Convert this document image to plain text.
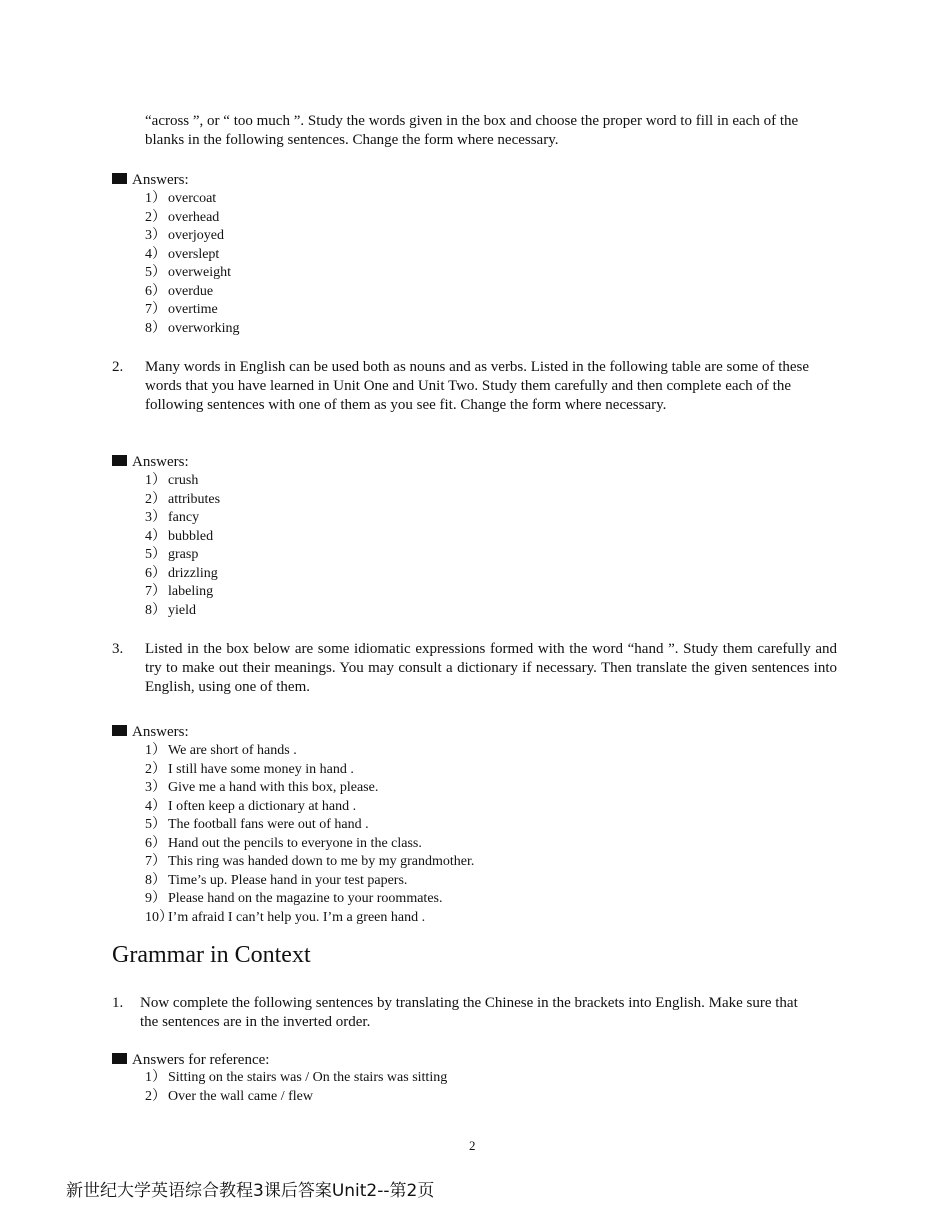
“across ”, or “ too much ”. Study the words given in the box and choose the proper word to fill in each of the blanks in the following sentences. Change the form where necessary.
Answers:
1） overcoat
2） overhead
3） overjoyed
4） overslept
5） overweight
6） overdue
7） overtime
8） overworking
2. Many words in English can be used both as nouns and as verbs. Listed in the following table are some of these words that you have learned in Unit One and Unit Two. Study them carefully and then complete each of the following sentences with one of them as you see fit. Change the form where necessary.
Answers:
1） crush
2） attributes
3） fancy
4） bubbled
5） grasp
6） drizzling
7） labeling
8） yield
3. Listed in the box below are some idiomatic expressions formed with the word “hand ”. Study them carefully and try to make out their meanings. You may consult a dictionary if necessary. Then translate the given sentences into English, using one of them.
Answers:
1） We are short of hands .
2） I still have some money in hand .
3） Give me a hand with this box, please.
4） I often keep a dictionary at hand .
5） The football fans were out of hand .
6） Hand out the pencils to everyone in the class.
7） This ring was handed down to me by my grandmother.
8） Time’s up. Please hand in your test papers.
9） Please hand on the magazine to your roommates.
10）I’m afraid I can’t help you. I’m a green hand .
Grammar in Context
1. Now complete the following sentences by translating the Chinese in the brackets into English. Make sure that the sentences are in the inverted order.
Answers for reference:
1） Sitting on the stairs was / On the stairs was sitting
2） Over the wall came / flew
2
新世纪大学英语综合教程3课后答案Unit2--第2页
